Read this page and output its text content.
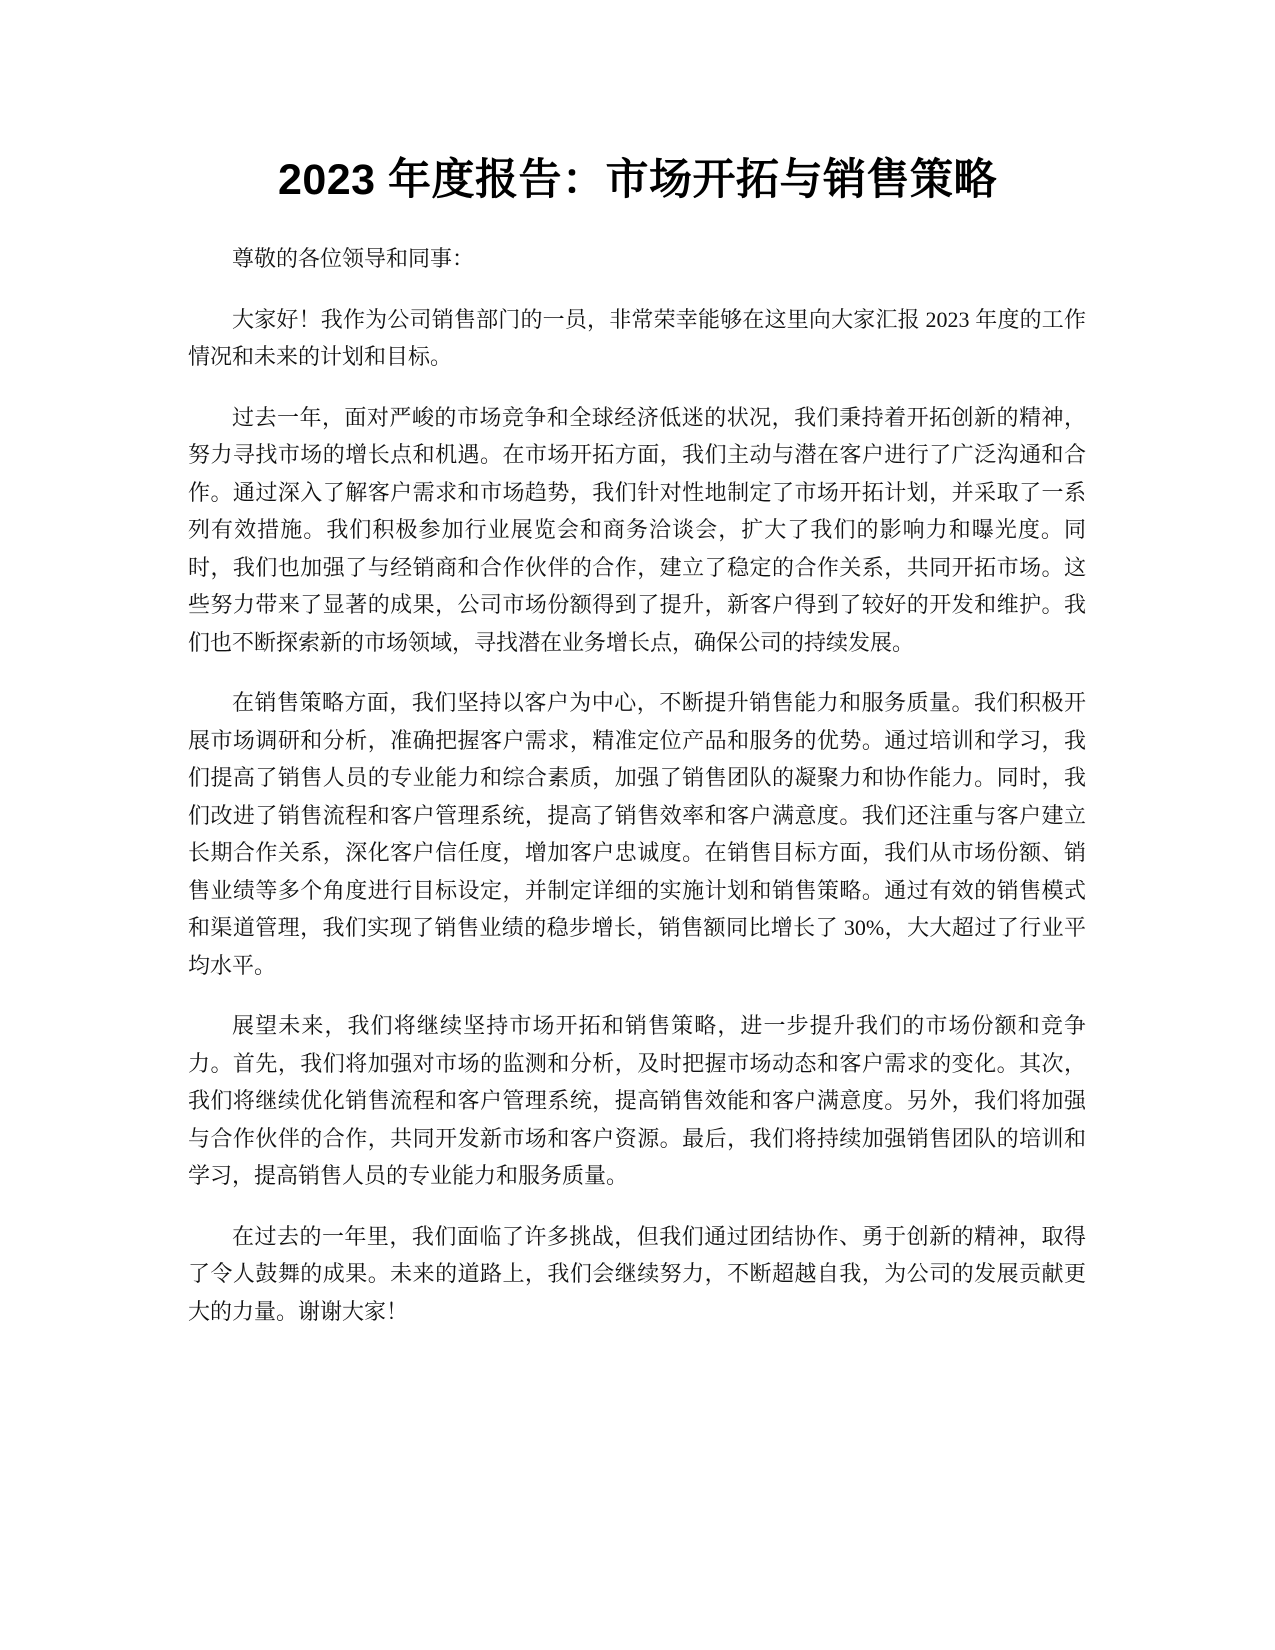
2023 年度报告：市场开拓与销售策略

尊敬的各位领导和同事：

大家好！我作为公司销售部门的一员，非常荣幸能够在这里向大家汇报 2023 年度的工作情况和未来的计划和目标。

过去一年，面对严峻的市场竞争和全球经济低迷的状况，我们秉持着开拓创新的精神，努力寻找市场的增长点和机遇。在市场开拓方面，我们主动与潜在客户进行了广泛沟通和合作。通过深入了解客户需求和市场趋势，我们针对性地制定了市场开拓计划，并采取了一系列有效措施。我们积极参加行业展览会和商务洽谈会，扩大了我们的影响力和曝光度。同时，我们也加强了与经销商和合作伙伴的合作，建立了稳定的合作关系，共同开拓市场。这些努力带来了显著的成果，公司市场份额得到了提升，新客户得到了较好的开发和维护。我们也不断探索新的市场领域，寻找潜在业务增长点，确保公司的持续发展。

在销售策略方面，我们坚持以客户为中心，不断提升销售能力和服务质量。我们积极开展市场调研和分析，准确把握客户需求，精准定位产品和服务的优势。通过培训和学习，我们提高了销售人员的专业能力和综合素质，加强了销售团队的凝聚力和协作能力。同时，我们改进了销售流程和客户管理系统，提高了销售效率和客户满意度。我们还注重与客户建立长期合作关系，深化客户信任度，增加客户忠诚度。在销售目标方面，我们从市场份额、销售业绩等多个角度进行目标设定，并制定详细的实施计划和销售策略。通过有效的销售模式和渠道管理，我们实现了销售业绩的稳步增长，销售额同比增长了 30%，大大超过了行业平均水平。

展望未来，我们将继续坚持市场开拓和销售策略，进一步提升我们的市场份额和竞争力。首先，我们将加强对市场的监测和分析，及时把握市场动态和客户需求的变化。其次，我们将继续优化销售流程和客户管理系统，提高销售效能和客户满意度。另外，我们将加强与合作伙伴的合作，共同开发新市场和客户资源。最后，我们将持续加强销售团队的培训和学习，提高销售人员的专业能力和服务质量。

在过去的一年里，我们面临了许多挑战，但我们通过团结协作、勇于创新的精神，取得了令人鼓舞的成果。未来的道路上，我们会继续努力，不断超越自我，为公司的发展贡献更大的力量。谢谢大家！
